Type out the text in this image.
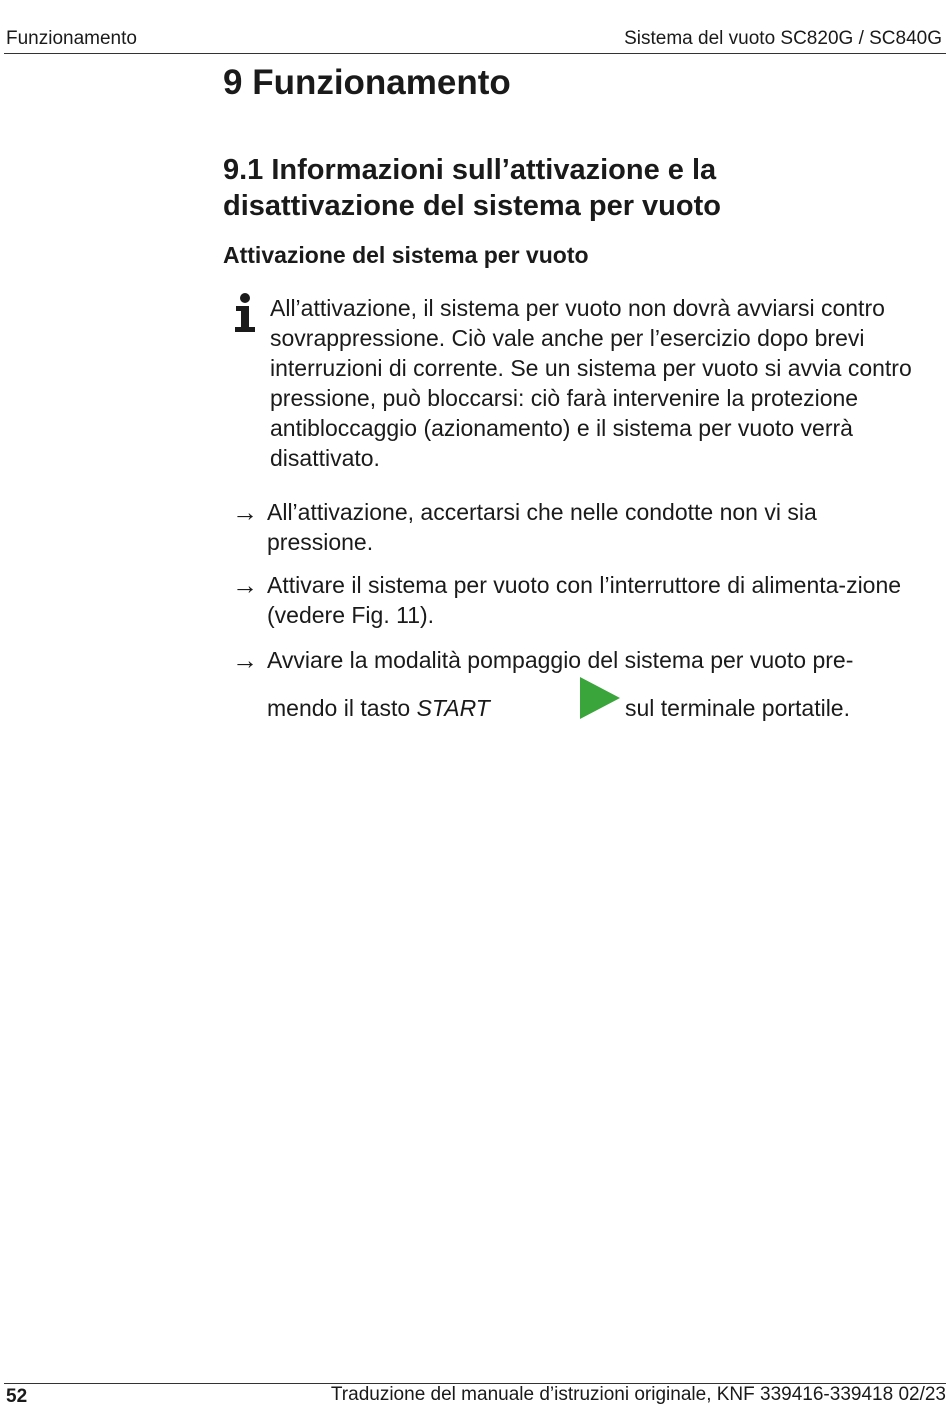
Funzionamento	Sistema del vuoto SC820G / SC840G
9 Funzionamento
9.1 Informazioni sull’attivazione e la disattivazione del sistema per vuoto
Attivazione del sistema per vuoto

All’attivazione, il sistema per vuoto non dovrà avviarsi contro sovrappressione. Ciò vale anche per l’esercizio dopo brevi interruzioni di corrente. Se un sistema per vuoto si avvia contro pressione, può bloccarsi: ciò farà intervenire la protezione antibloccaggio (azionamento) e il sistema per vuoto verrà disattivato.

→ All’attivazione, accertarsi che nelle condotte non vi sia pressione.
→ Attivare il sistema per vuoto con l’interruttore di alimenta-zione (vedere Fig. 11).
→ Avviare la modalità pompaggio del sistema per vuoto pre-
mendo il tasto START	sul terminale portatile.
52	Traduzione del manuale d’istruzioni originale, KNF 339416-339418 02/23
